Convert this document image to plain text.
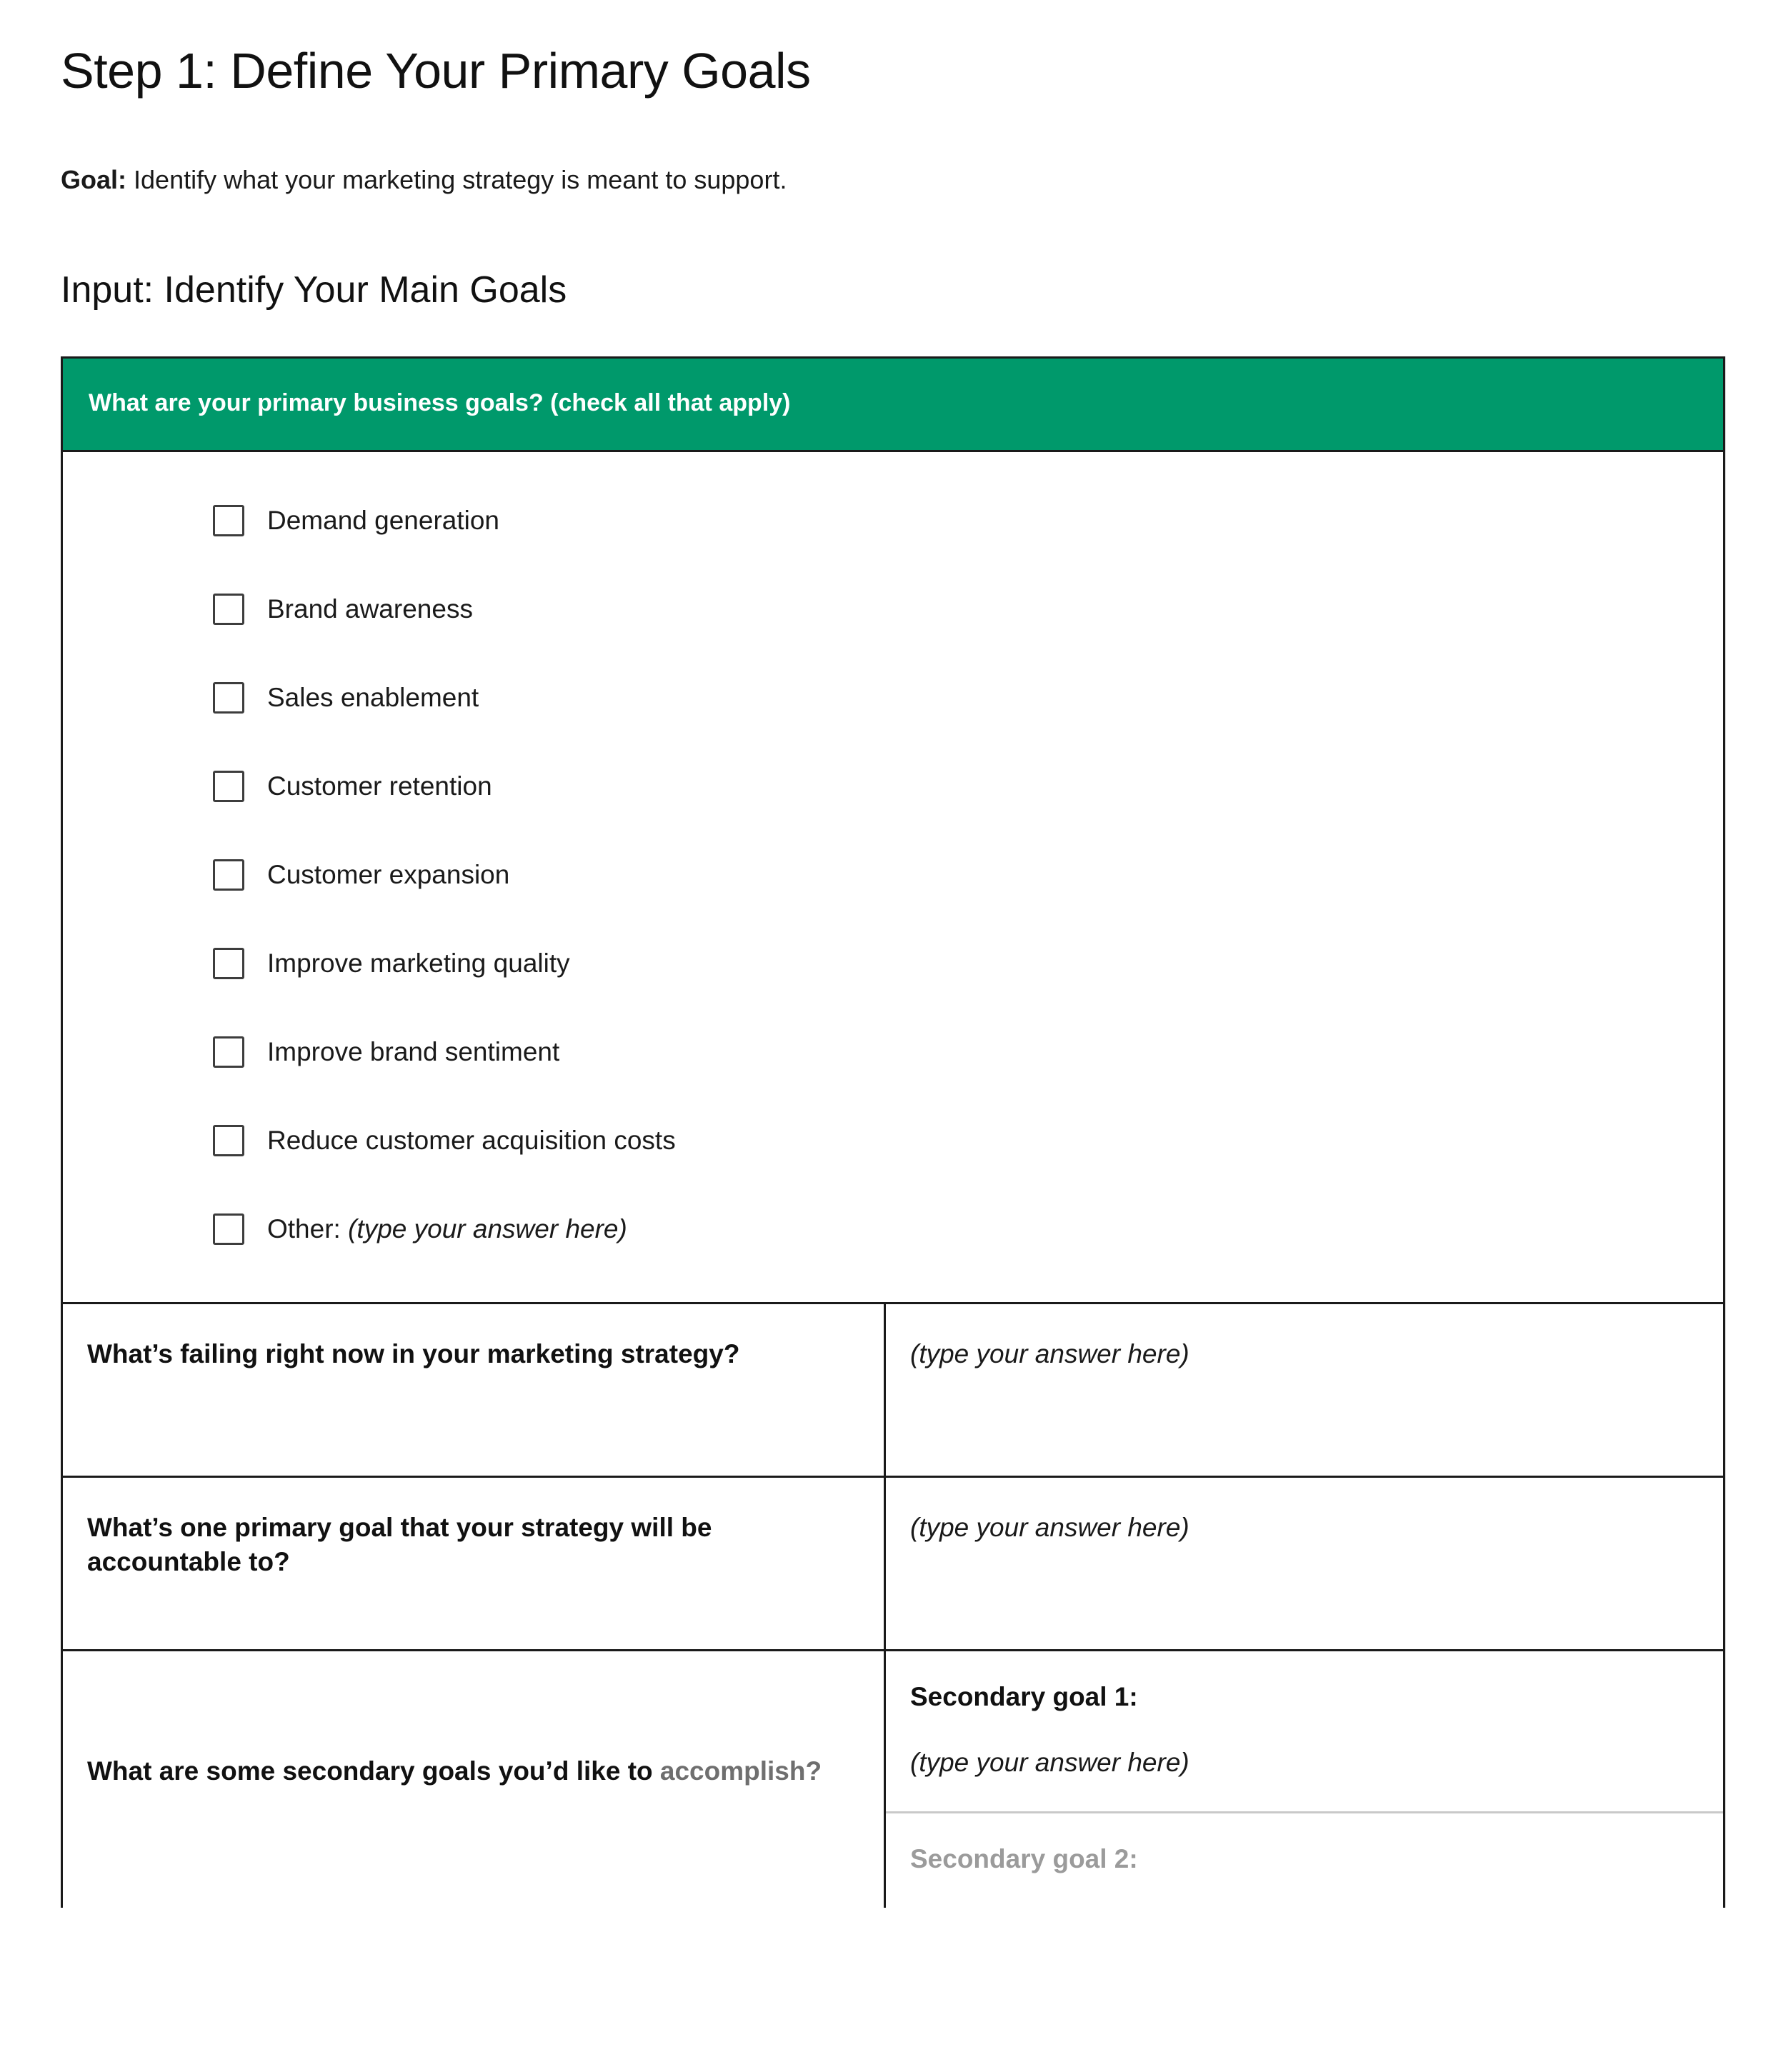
Step 1: Define Your Primary Goals

Goal: Identify what your marketing strategy is meant to support.

Input: Identify Your Main Goals
What are your primary business goals? (check all that apply)
Demand generation
Brand awareness
Sales enablement
Customer retention
Customer expansion
Improve marketing quality
Improve brand sentiment
Reduce customer acquisition costs
Other: (type your answer here)
What’s failing right now in your marketing strategy?	(type your answer here)
What’s one primary goal that your strategy will be accountable to?
(type your answer here)
What are some secondary goals you’d like to accomplish?
Secondary goal 1:
(type your answer here)
Secondary goal 2:
